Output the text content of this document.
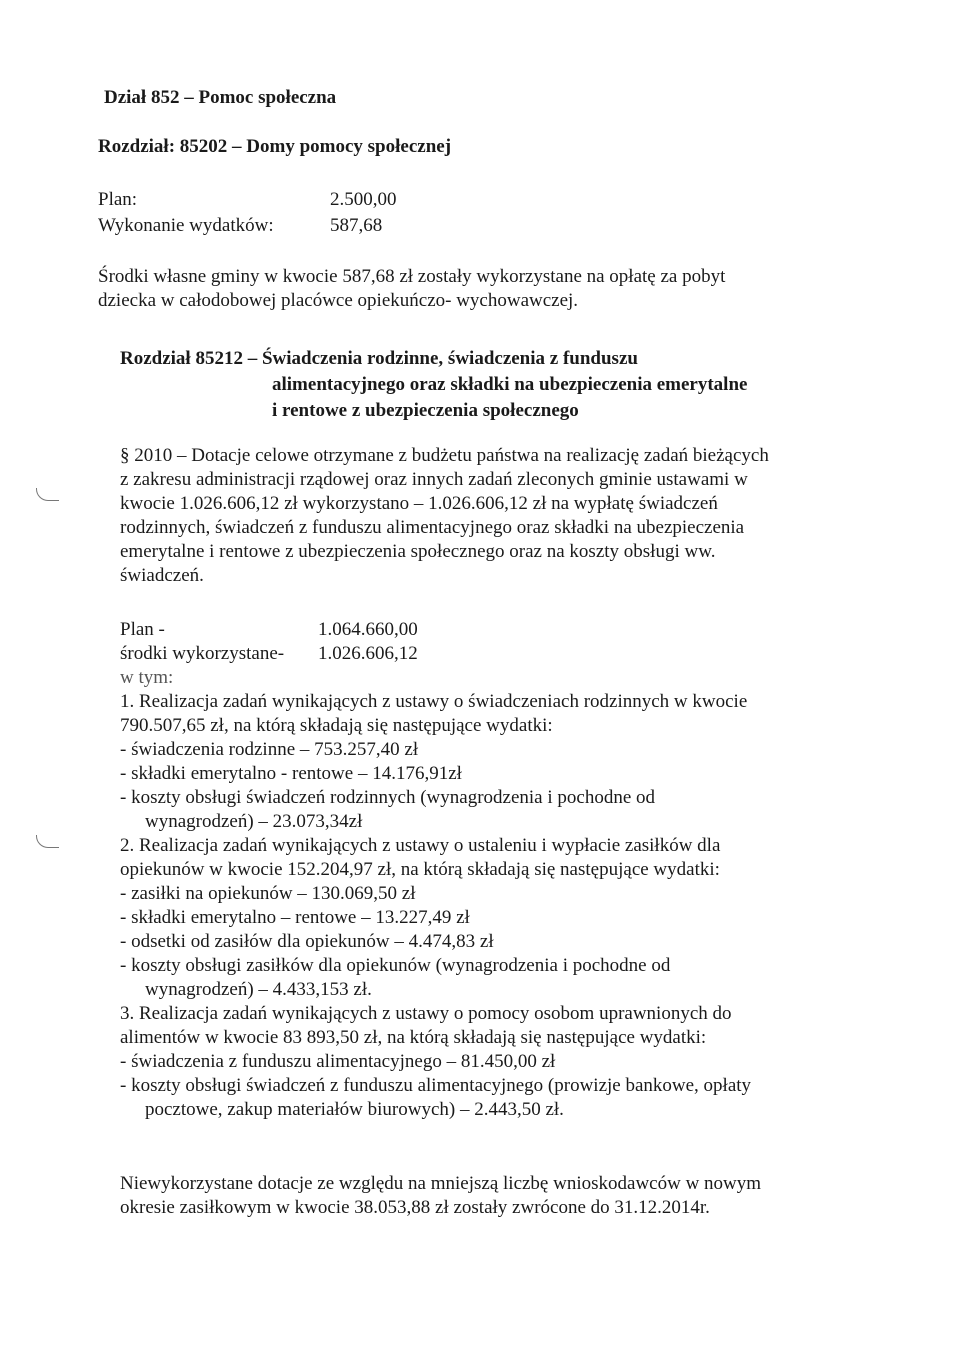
Dział 852 – Pomoc społeczna
Rozdział: 85202 – Domy pomocy społecznej
Plan:	2.500,00
Wykonanie wydatków:	587,68
Środki własne gminy w kwocie 587,68 zł zostały wykorzystane na opłatę za pobyt
dziecka w całodobowej placówce opiekuńczo- wychowawczej.
Rozdział 85212 – Świadczenia rodzinne, świadczenia z funduszu
alimentacyjnego oraz składki na ubezpieczenia emerytalne
i rentowe z ubezpieczenia społecznego
§ 2010 – Dotacje celowe otrzymane z budżetu państwa na realizację zadań bieżących
z zakresu administracji rządowej oraz innych zadań zleconych gminie ustawami w
kwocie 1.026.606,12 zł wykorzystano – 1.026.606,12 zł na wypłatę świadczeń
rodzinnych, świadczeń z funduszu alimentacyjnego oraz składki na ubezpieczenia
emerytalne i rentowe z ubezpieczenia społecznego oraz na koszty obsługi ww.
świadczeń.
Plan -	1.064.660,00
środki wykorzystane- 1.026.606,12
w tym:
1. Realizacja zadań wynikających z ustawy o świadczeniach rodzinnych w kwocie
790.507,65 zł, na którą składają się następujące wydatki:
- świadczenia rodzinne – 753.257,40 zł
- składki emerytalno - rentowe – 14.176,91zł
- koszty obsługi świadczeń rodzinnych (wynagrodzenia i pochodne od
wynagrodzeń) – 23.073,34zł
2. Realizacja zadań wynikających z ustawy o ustaleniu i wypłacie zasiłków dla
opiekunów w kwocie 152.204,97 zł, na którą składają się następujące wydatki:
- zasiłki na opiekunów – 130.069,50 zł
- składki emerytalno – rentowe – 13.227,49 zł
- odsetki od zasiłów dla opiekunów – 4.474,83 zł
- koszty obsługi zasiłków dla opiekunów (wynagrodzenia i pochodne od
wynagrodzeń) – 4.433,153 zł.
3. Realizacja zadań wynikających z ustawy o pomocy osobom uprawnionych do
alimentów w kwocie 83 893,50 zł, na którą składają się następujące wydatki:
- świadczenia z funduszu alimentacyjnego – 81.450,00 zł
- koszty obsługi świadczeń z funduszu alimentacyjnego (prowizje bankowe, opłaty
pocztowe, zakup materiałów biurowych) – 2.443,50 zł.
Niewykorzystane dotacje ze względu na mniejszą liczbę wnioskodawców w nowym
okresie zasiłkowym w kwocie 38.053,88 zł zostały zwrócone do 31.12.2014r.
